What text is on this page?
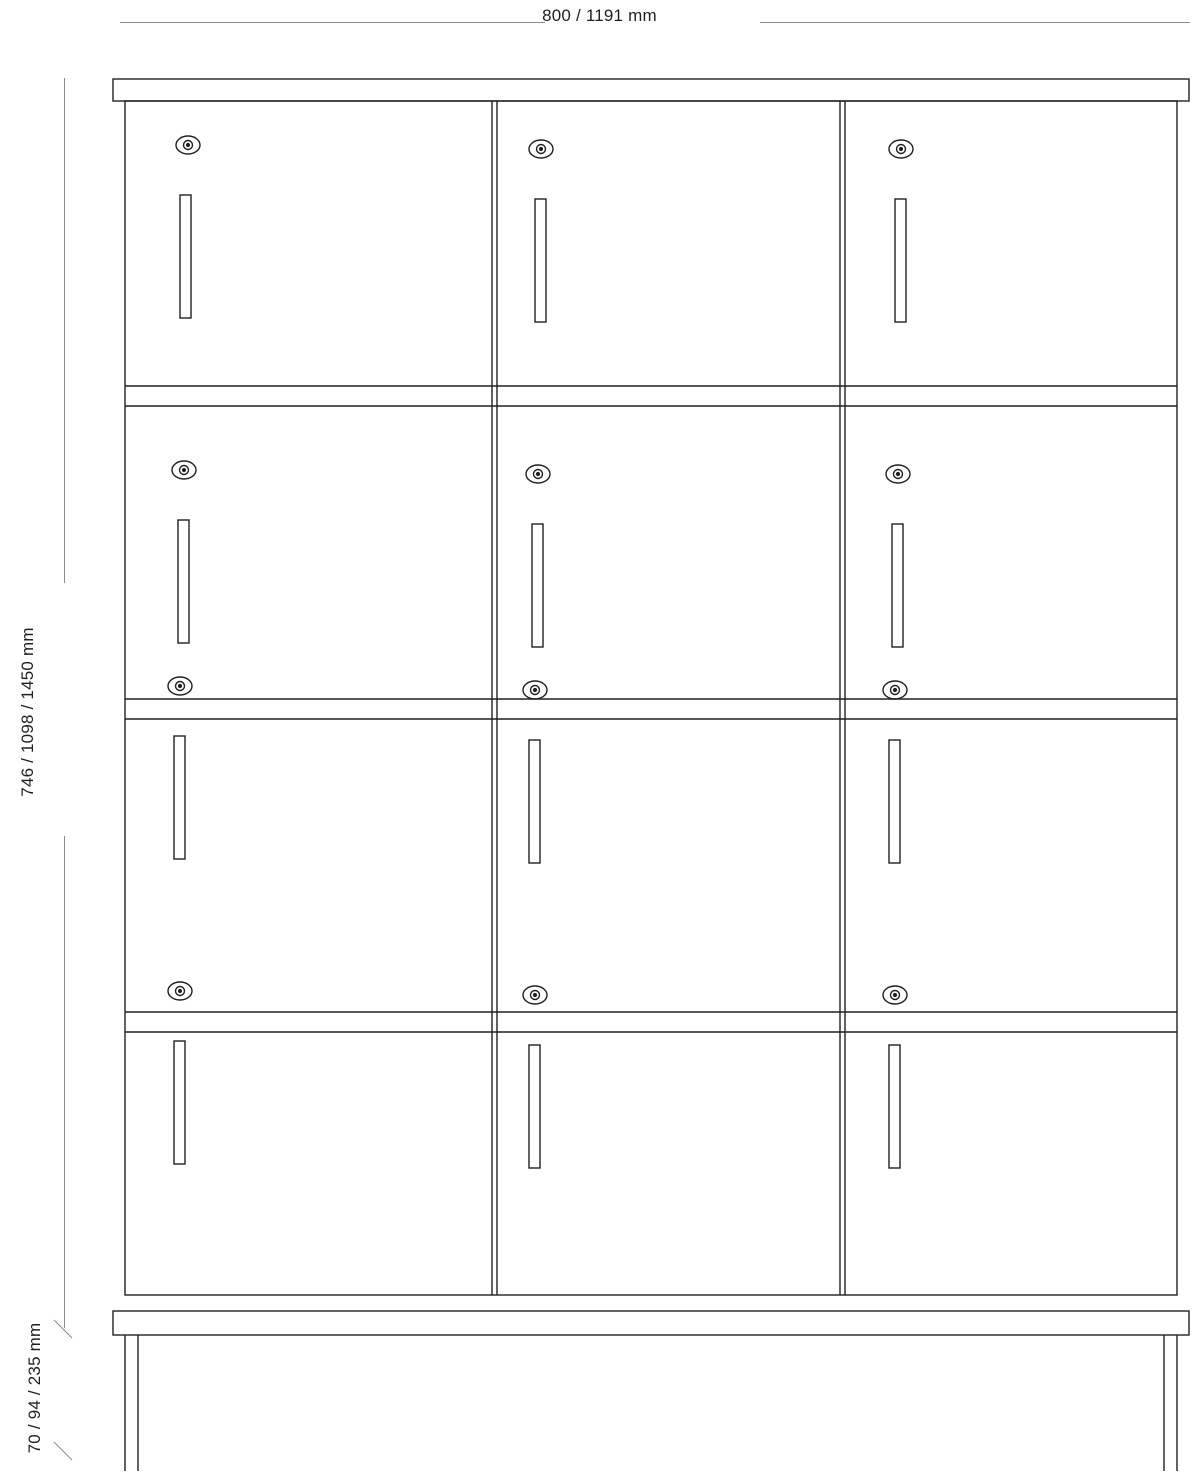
800 / 1191 mm
746 / 1098 / 1450 mm
70 / 94 / 235 mm
